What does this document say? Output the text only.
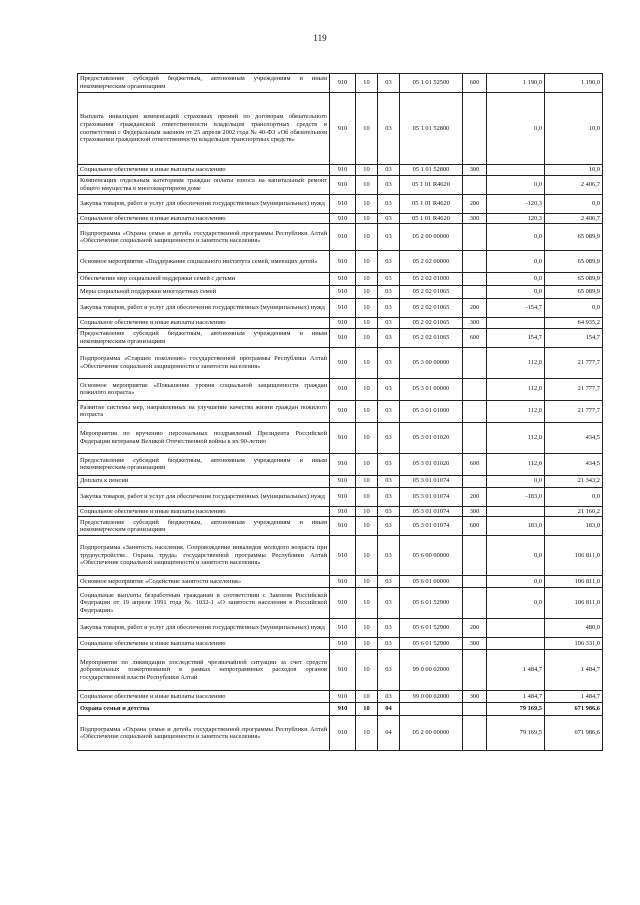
119
Предоставление субсидий бюджетным, автономным учреждениям и иным некоммерческим организациям	910	10	03	05 1 01 52500	600	1 190,0	1 190,0
Выплата инвалидам компенсаций страховых премий по договорам обязательного страхования гражданской ответственности владельцев транспортных средств в соответствии с Федеральным законом от 25 апреля 2002 года № 40-ФЗ «Об обязательном страховании гражданской ответственности владельцев транспортных средств»	910	10	03	05 1 01 52800		0,0	10,0
Социальное обеспечение и иные выплаты населению	910	10	03	05 1 01 52800	300		10,0
Компенсация отдельным категориям граждан оплаты взноса на капитальный ремонт общего имущества в многоквартирном доме	910	10	03	05 1 01 R4620		0,0	2 406,7
Закупка товаров, работ и услуг для обеспечения государственных (муниципальных) нужд	910	10	03	05 1 01 R4620	200	-120,3	0,0
Социальное обеспечение и иные выплаты населению	910	10	03	05 1 01 R4620	300	120,3	2 406,7
Подпрограмма «Охрана семьи и детей» государственной программы Республики Алтай «Обеспечение социальной защищенности и занятости населения»	910	10	03	05 2 00 00000		0,0	65 089,9
Основное мероприятие «Поддержание социального института семей, имеющих детей»	910	10	03	05 2 02 00000		0,0	65 089,9
Обеспечение мер социальной поддержки семей с детьми	910	10	03	05 2 02 01000		0,0	65 089,9
Меры социальной поддержки многодетных семей	910	10	03	05 2 02 01065		0,0	65 089,9
Закупка товаров, работ и услуг для обеспечения государственных (муниципальных) нужд	910	10	03	05 2 02 01065	200	-154,7	0,0
Социальное обеспечение и иные выплаты населению	910	10	03	05 2 02 01065	300		64 935,2
Предоставление субсидий бюджетным, автономным учреждениям и иным некоммерческим организациям	910	10	03	05 2 02 01065	600	154,7	154,7
Подпрограмма «Старшее поколение» государственной программы Республики Алтай «Обеспечение социальной защищенности и занятости населения»	910	10	03	05 3 00 00000		112,0	21 777,7
Основное мероприятие «Повышение уровня социальной защищенности граждан пожилого возраста»	910	10	03	05 3 01 00000		112,0	21 777,7
Развитие системы мер, направленных на улучшение качества жизни граждан пожилого возраста	910	10	03	05 3 01 01000		112,0	21 777,7
Мероприятия по вручению персональных поздравлений Президента Российской Федерации ветеранам Великой Отечественной войны к их 90-летию	910	10	03	05 3 01 01020		112,0	434,5
Предоставление субсидий бюджетным, автономным учреждениям и иным некоммерческим организациям	910	10	03	05 3 01 01020	600	112,0	434,5
Доплата к пенсии	910	10	03	05 3 01 01074		0,0	21 343,2
Закупка товаров, работ и услуг для обеспечения государственных (муниципальных) нужд	910	10	03	05 3 01 01074	200	-183,0	0,0
Социальное обеспечение и иные выплаты населению	910	10	03	05 3 01 01074	300		21 160,2
Предоставление субсидий бюджетным, автономным учреждениям и иным некоммерческим организациям	910	10	03	05 3 01 01074	600	183,0	183,0
Подпрограмма «Занятость населения. Сопровождение инвалидов молодого возраста при трудоустройстве. Охрана труда» государственной программы Республики Алтай «Обеспечение социальной защищенности и занятости населения»	910	10	03	05 6 00 00000		0,0	106 811,0
Основное мероприятие «Содействие занятости населения»	910	10	03	05 6 01 00000		0,0	106 811,0
Социальные выплаты безработным гражданам в соответствии с Законом Российской Федерации от 19 апреля 1991 года № 1032-1 «О занятости населения в Российской Федерации»	910	10	03	05 6 01 52900		0,0	106 811,0
Закупка товаров, работ и услуг для обеспечения государственных (муниципальных) нужд	910	10	03	05 6 01 52900	200		480,0
Социальное обеспечение и иные выплаты населению	910	10	03	05 6 01 52900	300		106 331,0
Мероприятия по ликвидации последствий чрезвычайной ситуации за счет средств добровольных пожертвований в рамках непрограммных расходов органов государственной власти Республики Алтай	910	10	03	99 0 00 02000		1 484,7	1 484,7
Социальное обеспечение и иные выплаты населению	910	10	03	99 0 00 02000	300	1 484,7	1 484,7
Охрана семьи и детства	910	10	04			79 169,5	671 986,6
Подпрограмма «Охрана семьи и детей» государственной программы Республики Алтай «Обеспечение социальной защищенности и занятости населения»	910	10	04	05 2 00 00000		79 169,5	671 986,6
